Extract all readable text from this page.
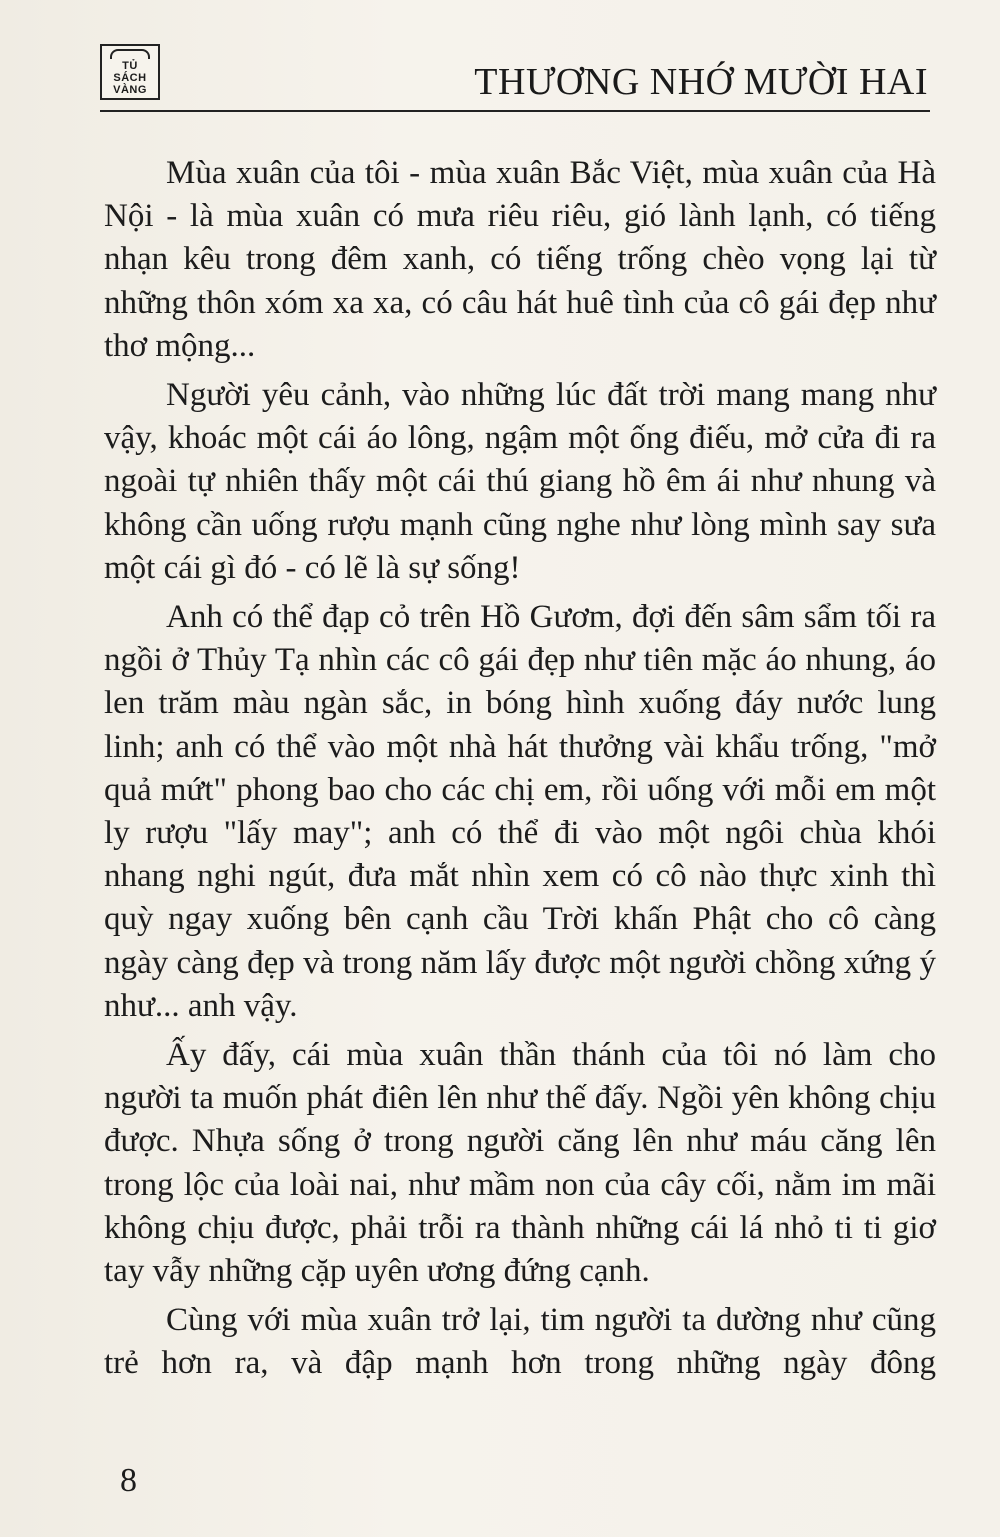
TỦ
SÁCH
VÀNG	THƯƠNG NHỚ MƯỜI HAI

Mùa xuân của tôi - mùa xuân Bắc Việt, mùa xuân của Hà Nội - là mùa xuân có mưa riêu riêu, gió lành lạnh, có tiếng nhạn kêu trong đêm xanh, có tiếng trống chèo vọng lại từ những thôn xóm xa xa, có câu hát huê tình của cô gái đẹp như thơ mộng...

Người yêu cảnh, vào những lúc đất trời mang mang như vậy, khoác một cái áo lông, ngậm một ống điếu, mở cửa đi ra ngoài tự nhiên thấy một cái thú giang hồ êm ái như nhung và không cần uống rượu mạnh cũng nghe như lòng mình say sưa một cái gì đó - có lẽ là sự sống!

Anh có thể đạp cỏ trên Hồ Gươm, đợi đến sâm sẩm tối ra ngồi ở Thủy Tạ nhìn các cô gái đẹp như tiên mặc áo nhung, áo len trăm màu ngàn sắc, in bóng hình xuống đáy nước lung linh; anh có thể vào một nhà hát thưởng vài khẩu trống, "mở quả mứt" phong bao cho các chị em, rồi uống với mỗi em một ly rượu "lấy may"; anh có thể đi vào một ngôi chùa khói nhang nghi ngút, đưa mắt nhìn xem có cô nào thực xinh thì quỳ ngay xuống bên cạnh cầu Trời khấn Phật cho cô càng ngày càng đẹp và trong năm lấy được một người chồng xứng ý như... anh vậy.

Ấy đấy, cái mùa xuân thần thánh của tôi nó làm cho người ta muốn phát điên lên như thế đấy. Ngồi yên không chịu được. Nhựa sống ở trong người căng lên như máu căng lên trong lộc của loài nai, như mầm non của cây cối, nằm im mãi không chịu được, phải trỗi ra thành những cái lá nhỏ ti ti giơ tay vẫy những cặp uyên ương đứng cạnh.

Cùng với mùa xuân trở lại, tim người ta dường như cũng trẻ hơn ra, và đập mạnh hơn trong những ngày đông

8
